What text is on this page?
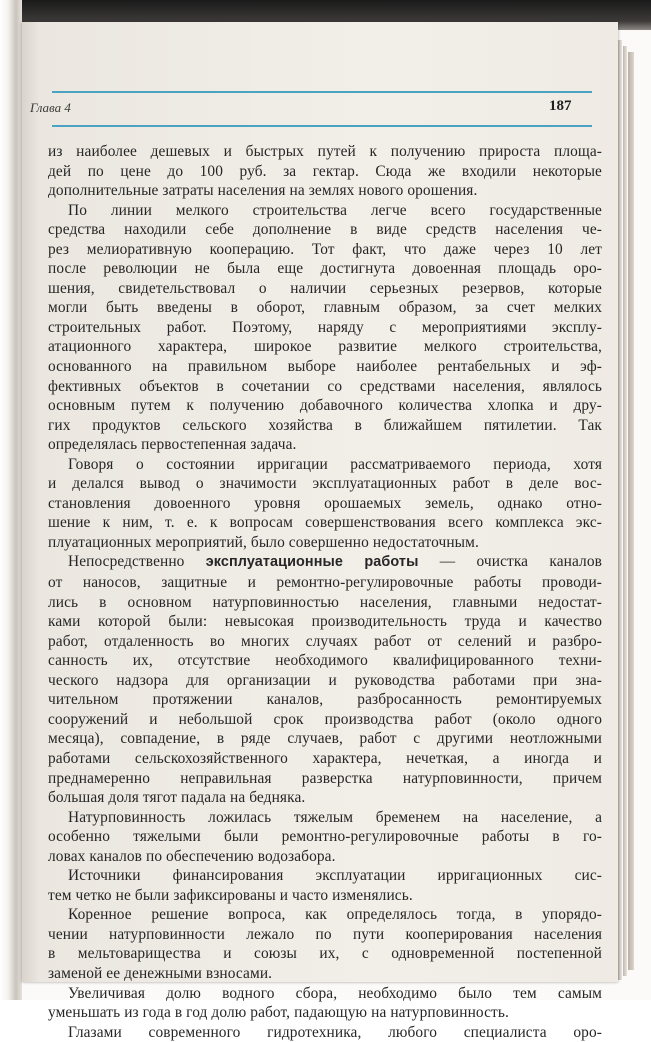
Глава 4	187
из наиболее дешевых и быстрых путей к получению прироста площа-
дей по цене до 100 руб. за гектар. Сюда же входили некоторые
дополнительные затраты населения на землях нового орошения.
По линии мелкого строительства легче всего государственные
средства находили себе дополнение в виде средств населения че-
рез мелиоративную кооперацию. Тот факт, что даже через 10 лет
после революции не была еще достигнута довоенная площадь оро-
шения, свидетельствовал о наличии серьезных резервов, которые
могли быть введены в оборот, главным образом, за счет мелких
строительных работ. Поэтому, наряду с мероприятиями эксплу-
атационного характера, широкое развитие мелкого строительства,
основанного на правильном выборе наиболее рентабельных и эф-
фективных объектов в сочетании со средствами населения, являлось
основным путем к получению добавочного количества хлопка и дру-
гих продуктов сельского хозяйства в ближайшем пятилетии. Так
определялась первостепенная задача.
Говоря о состоянии ирригации рассматриваемого периода, хотя
и делался вывод о значимости эксплуатационных работ в деле вос-
становления довоенного уровня орошаемых земель, однако отно-
шение к ним, т. е. к вопросам совершенствования всего комплекса экс-
плуатационных мероприятий, было совершенно недостаточным.
Непосредственно эксплуатационные работы — очистка каналов
от наносов, защитные и ремонтно-регулировочные работы проводи-
лись в основном натурповинностью населения, главными недостат-
ками которой были: невысокая производительность труда и качество
работ, отдаленность во многих случаях работ от селений и разбро-
санность их, отсутствие необходимого квалифицированного техни-
ческого надзора для организации и руководства работами при зна-
чительном протяжении каналов, разбросанность ремонтируемых
сооружений и небольшой срок производства работ (около одного
месяца), совпадение, в ряде случаев, работ с другими неотложными
работами сельскохозяйственного характера, нечеткая, а иногда и
преднамеренно неправильная разверстка натурповинности, причем
большая доля тягот падала на бедняка.
Натурповинность ложилась тяжелым бременем на население, а
особенно тяжелыми были ремонтно-регулировочные работы в го-
ловах каналов по обеспечению водозабора.
Источники финансирования эксплуатации ирригационных сис-
тем четко не были зафиксированы и часто изменялись.
Коренное решение вопроса, как определялось тогда, в упорядо-
чении натурповинности лежало по пути кооперирования населения
в мельтовариществa и союзы их, с одновременной постепенной
заменой ее денежными взносами.
Увеличивая долю водного сбора, необходимо было тем самым
уменьшать из года в год долю работ, падающую на натурповинность.
Глазами современного гидротехника, любого специалиста оро-
